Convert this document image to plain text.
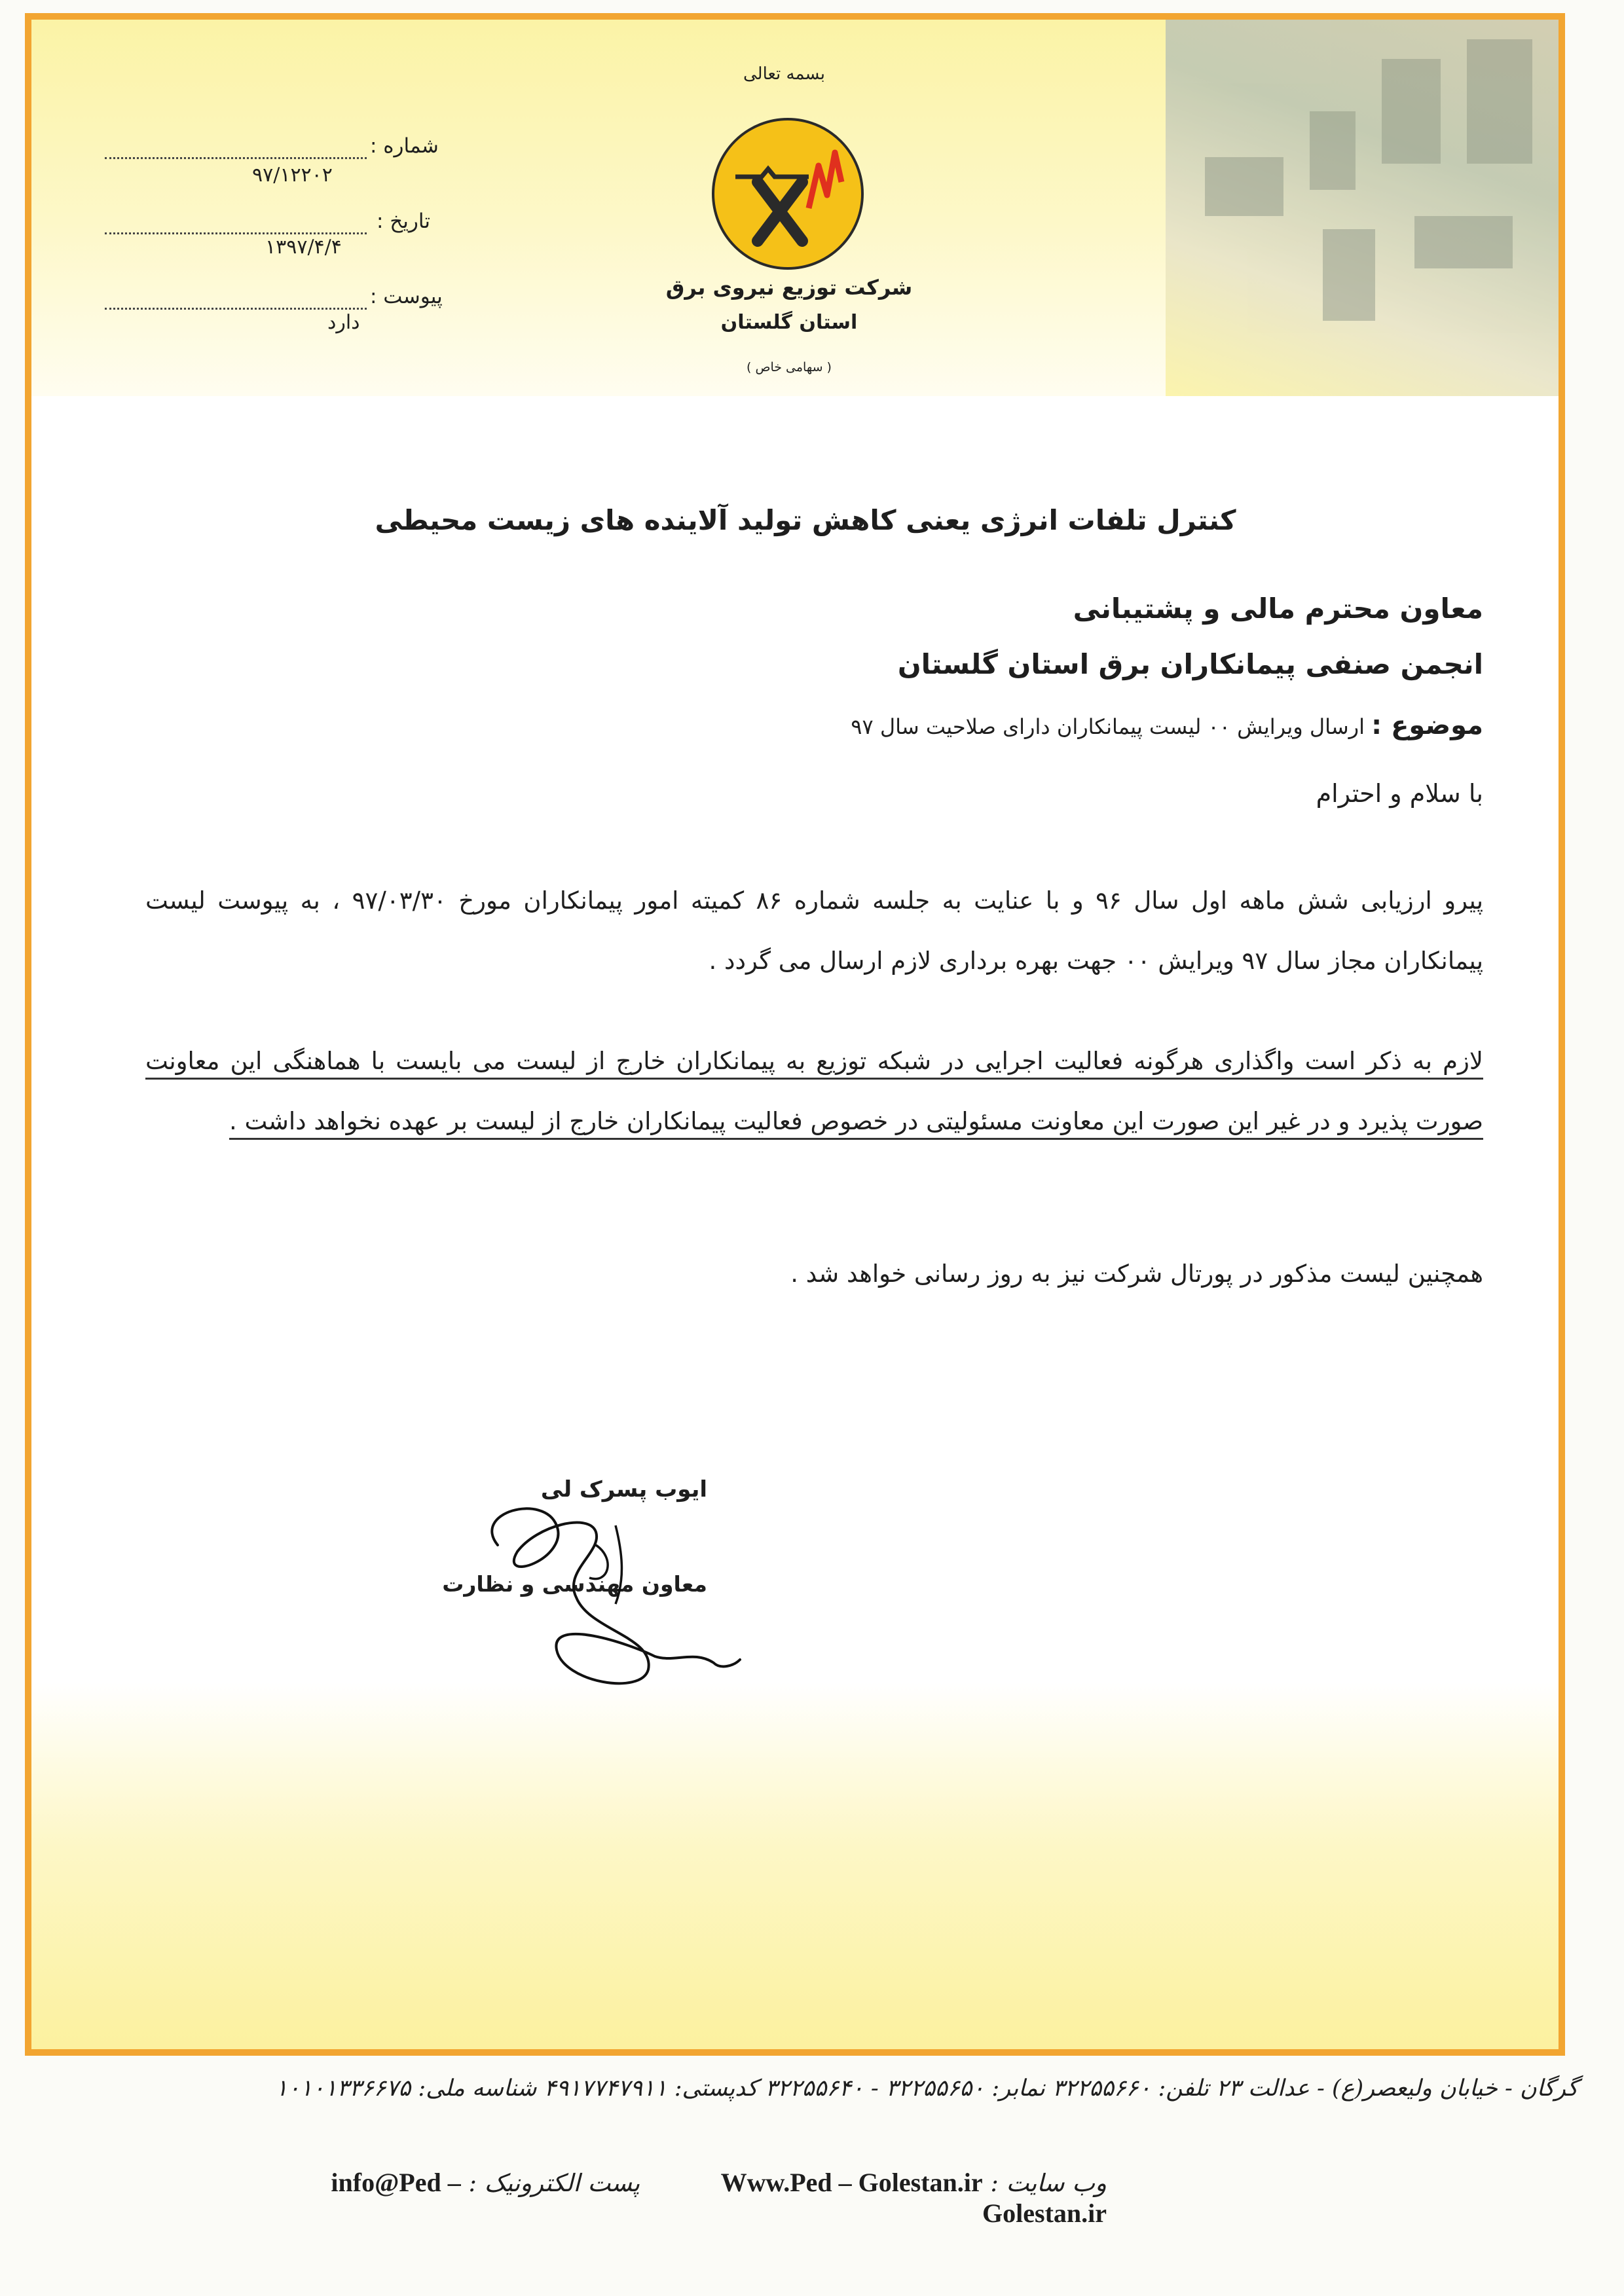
بسمه تعالی
شرکت توزیع نیروی برق
استان گلستان
( سهامی خاص )
شماره :
۹۷/۱۲۲۰۲
تاریخ :
۱۳۹۷/۴/۴
پیوست :
دارد
کنترل تلفات انرژی یعنی کاهش تولید آلاینده های زیست محیطی
معاون محترم مالی و پشتیبانی
انجمن صنفی پیمانکاران برق استان گلستان
موضوع : ارسال ویرایش ۰۰ لیست پیمانکاران دارای صلاحیت سال ۹۷
با سلام و احترام
پیرو ارزیابی شش ماهه اول سال ۹۶ و با عنایت به جلسه شماره ۸۶ کمیته امور پیمانکاران مورخ ۹۷/۰۳/۳۰ ، به پیوست لیست پیمانکاران مجاز سال ۹۷ ویرایش ۰۰ جهت بهره برداری لازم ارسال می گردد .
لازم به ذکر است واگذاری هرگونه فعالیت اجرایی در شبکه توزیع به پیمانکاران خارج از لیست می بایست با هماهنگی این معاونت صورت پذیرد و در غیر این صورت این معاونت مسئولیتی در خصوص فعالیت پیمانکاران خارج از لیست بر عهده نخواهد داشت .
همچنین لیست مذکور در پورتال شرکت نیز به روز رسانی خواهد شد .
ایوب پسرک لی
معاون مهندسی و نظارت
گرگان - خیابان ولیعصر(ع) - عدالت ۲۳ تلفن: ۳۲۲۵۵۶۶۰ نمابر: ۳۲۲۵۵۶۵۰ - ۳۲۲۵۵۶۴۰ کدپستی: ۴۹۱۷۷۴۷۹۱۱ شناسه ملی: ۱۰۱۰۱۳۳۶۶۷۵
وب سایت : Www.Ped – Golestan.ir  پست الکترونیک : info@Ped – Golestan.ir
